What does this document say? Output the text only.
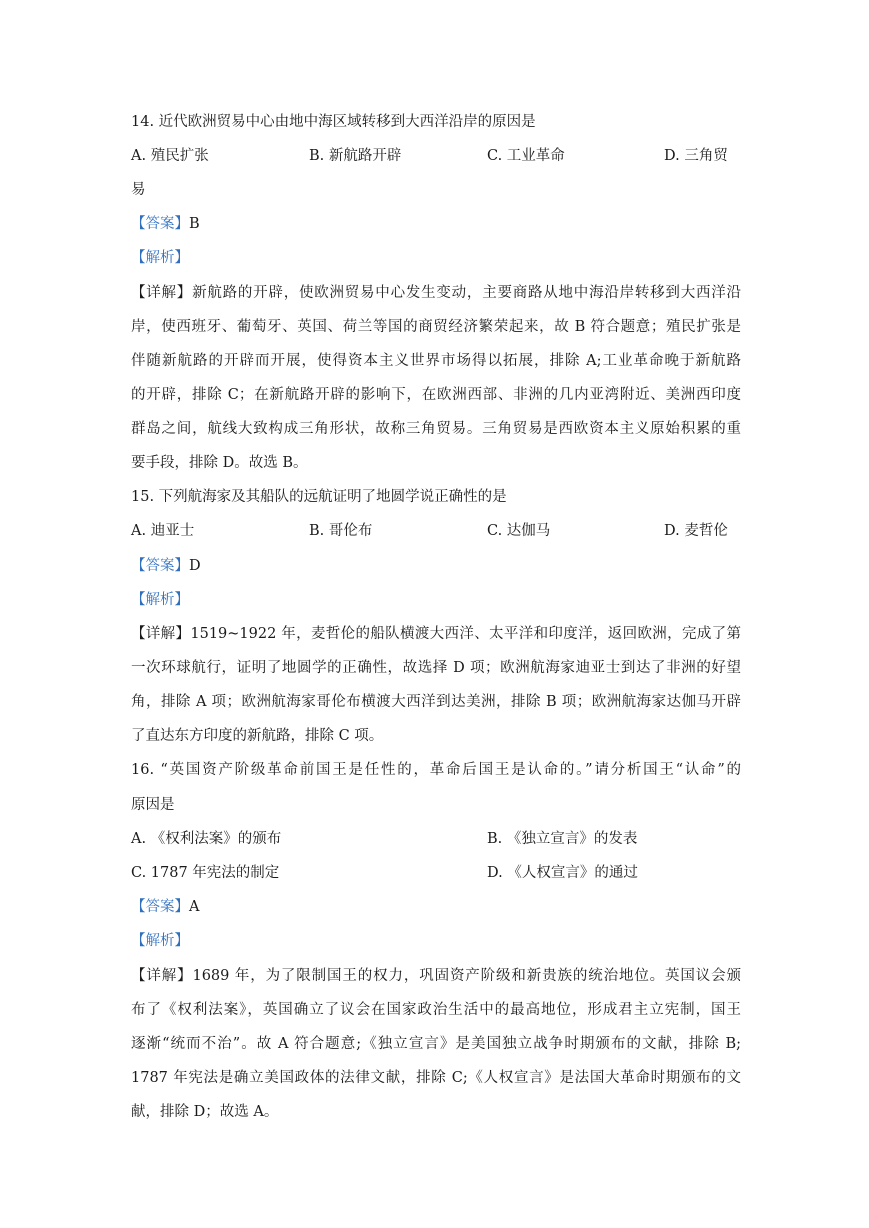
14. 近代欧洲贸易中心由地中海区域转移到大西洋沿岸的原因是
A. 殖民扩张	B. 新航路开辟	C. 工业革命	D. 三角贸
易
【答案】B
【解析】
【详解】新航路的开辟，使欧洲贸易中心发生变动，主要商路从地中海沿岸转移到大西洋沿
岸，使西班牙、葡萄牙、英国、荷兰等国的商贸经济繁荣起来，故 B 符合题意；殖民扩张是
伴随新航路的开辟而开展，使得资本主义世界市场得以拓展，排除 A;工业革命晚于新航路
的开辟，排除 C；在新航路开辟的影响下，在欧洲西部、非洲的几内亚湾附近、美洲西印度
群岛之间，航线大致构成三角形状，故称三角贸易。三角贸易是西欧资本主义原始积累的重
要手段，排除 D。故选 B。
15. 下列航海家及其船队的远航证明了地圆学说正确性的是
A. 迪亚士	B. 哥伦布	C. 达伽马	D. 麦哲伦
【答案】D
【解析】
【详解】1519~1922 年，麦哲伦的船队横渡大西洋、太平洋和印度洋，返回欧洲，完成了第
一次环球航行，证明了地圆学的正确性，故选择 D 项；欧洲航海家迪亚士到达了非洲的好望
角，排除 A 项；欧洲航海家哥伦布横渡大西洋到达美洲，排除 B 项；欧洲航海家达伽马开辟
了直达东方印度的新航路，排除 C 项。
16. “英国资产阶级革命前国王是任性的，革命后国王是认命的。”请分析国王“认命”的
原因是
A. 《权利法案》的颁布	B. 《独立宣言》的发表
C. 1787 年宪法的制定	D. 《人权宣言》的通过
【答案】A
【解析】
【详解】1689 年，为了限制国王的权力，巩固资产阶级和新贵族的统治地位。英国议会颁
布了《权利法案》，英国确立了议会在国家政治生活中的最高地位，形成君主立宪制，国王
逐渐“统而不治”。故 A 符合题意;《独立宣言》是美国独立战争时期颁布的文献，排除 B;
1787 年宪法是确立美国政体的法律文献，排除 C;《人权宣言》是法国大革命时期颁布的文
献，排除 D；故选 A。
